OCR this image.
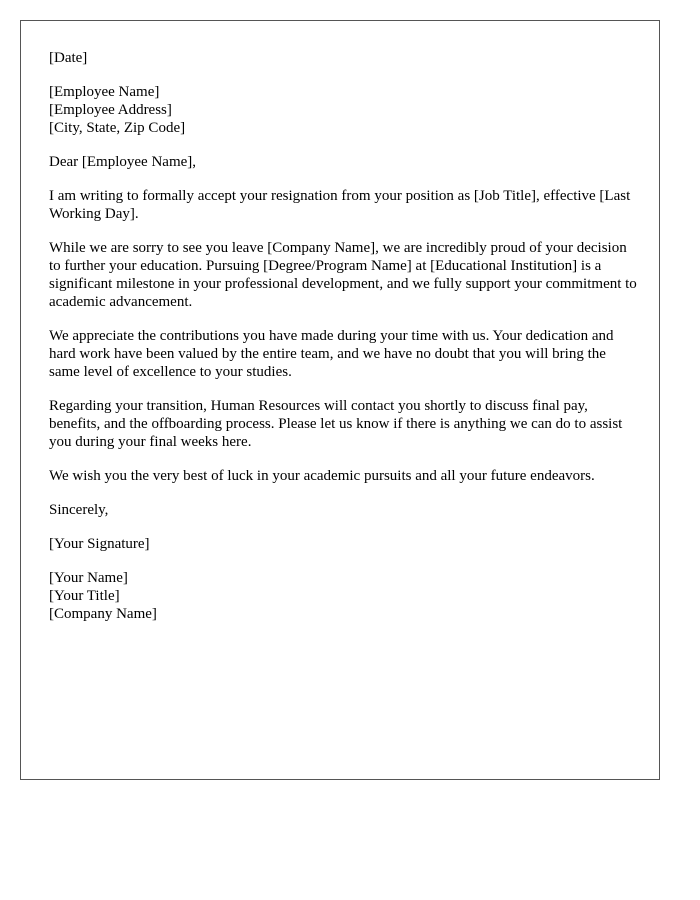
[Date]
[Employee Name]
[Employee Address]
[City, State, Zip Code]

Dear [Employee Name],

I am writing to formally accept your resignation from your position as [Job Title], effective [Last Working Day].

While we are sorry to see you leave [Company Name], we are incredibly proud of your decision to further your education. Pursuing [Degree/Program Name] at [Educational Institution] is a significant milestone in your professional development, and we fully support your commitment to academic advancement.

We appreciate the contributions you have made during your time with us. Your dedication and hard work have been valued by the entire team, and we have no doubt that you will bring the same level of excellence to your studies.

Regarding your transition, Human Resources will contact you shortly to discuss final pay, benefits, and the offboarding process. Please let us know if there is anything we can do to assist you during your final weeks here.

We wish you the very best of luck in your academic pursuits and all your future endeavors.

Sincerely,

[Your Signature]

[Your Name]
[Your Title]
[Company Name]
